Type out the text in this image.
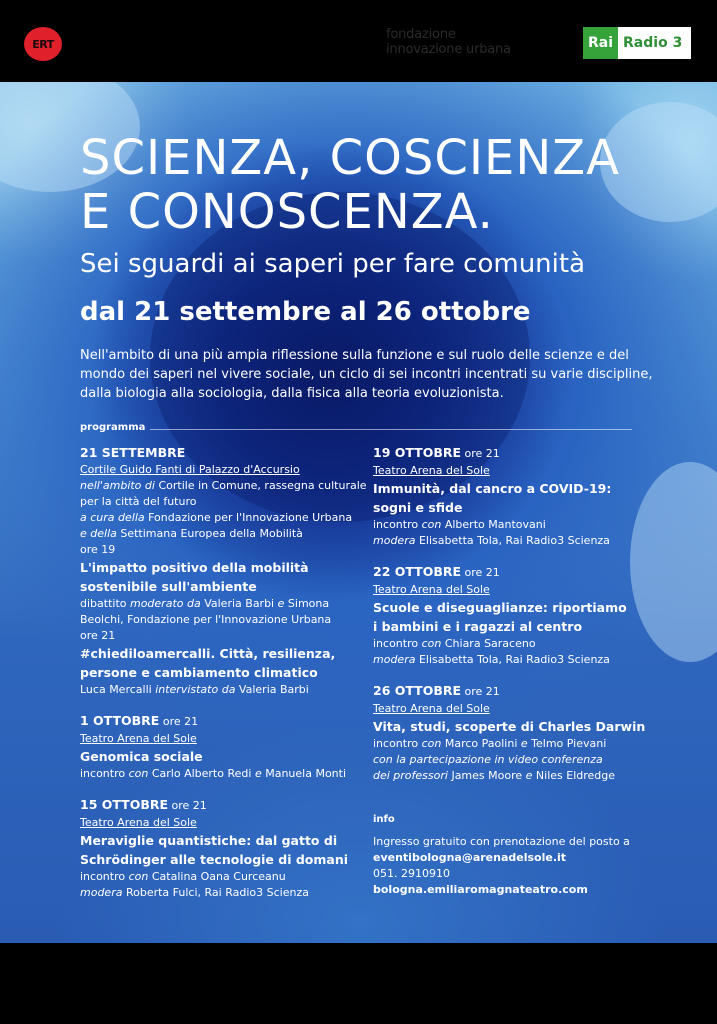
ERT
fondazione
innovazione urbana	Rai Radio 3
SCIENZA, COSCIENZA
E CONOSCENZA.
Sei sguardi ai saperi per fare comunità
dal 21 settembre al 26 ottobre
Nell'ambito di una più ampia riflessione sulla funzione e sul ruolo delle scienze e del
mondo dei saperi nel vivere sociale, un ciclo di sei incontri incentrati su varie discipline,
dalla biologia alla sociologia, dalla fisica alla teoria evoluzionista.
programma
21 SETTEMBRE
Cortile Guido Fanti di Palazzo d'Accursio
nell'ambito di Cortile in Comune, rassegna culturale
per la città del futuro
a cura della Fondazione per l'Innovazione Urbana
e della Settimana Europea della Mobilità
ore 19
L'impatto positivo della mobilità
sostenibile sull'ambiente
dibattito moderato da Valeria Barbi e Simona
Beolchi, Fondazione per l'Innovazione Urbana
ore 21
#chiediloamercalli. Città, resilienza,
persone e cambiamento climatico
Luca Mercalli intervistato da Valeria Barbi
1 OTTOBRE ore 21
Teatro Arena del Sole
Genomica sociale
incontro con Carlo Alberto Redi e Manuela Monti
15 OTTOBRE ore 21
Teatro Arena del Sole
Meraviglie quantistiche: dal gatto di
Schrödinger alle tecnologie di domani
incontro con Catalina Oana Curceanu
modera Roberta Fulci, Rai Radio3 Scienza
19 OTTOBRE ore 21
Teatro Arena del Sole
Immunità, dal cancro a COVID-19:
sogni e sfide
incontro con Alberto Mantovani
modera Elisabetta Tola, Rai Radio3 Scienza
22 OTTOBRE ore 21
Teatro Arena del Sole
Scuole e diseguaglianze: riportiamo
i bambini e i ragazzi al centro
incontro con Chiara Saraceno
modera Elisabetta Tola, Rai Radio3 Scienza
26 OTTOBRE ore 21
Teatro Arena del Sole
Vita, studi, scoperte di Charles Darwin
incontro con Marco Paolini e Telmo Pievani
con la partecipazione in video conferenza
dei professori James Moore e Niles Eldredge
info
Ingresso gratuito con prenotazione del posto a
eventibologna@arenadelsole.it
051. 2910910
bologna.emiliaromagnateatro.com
